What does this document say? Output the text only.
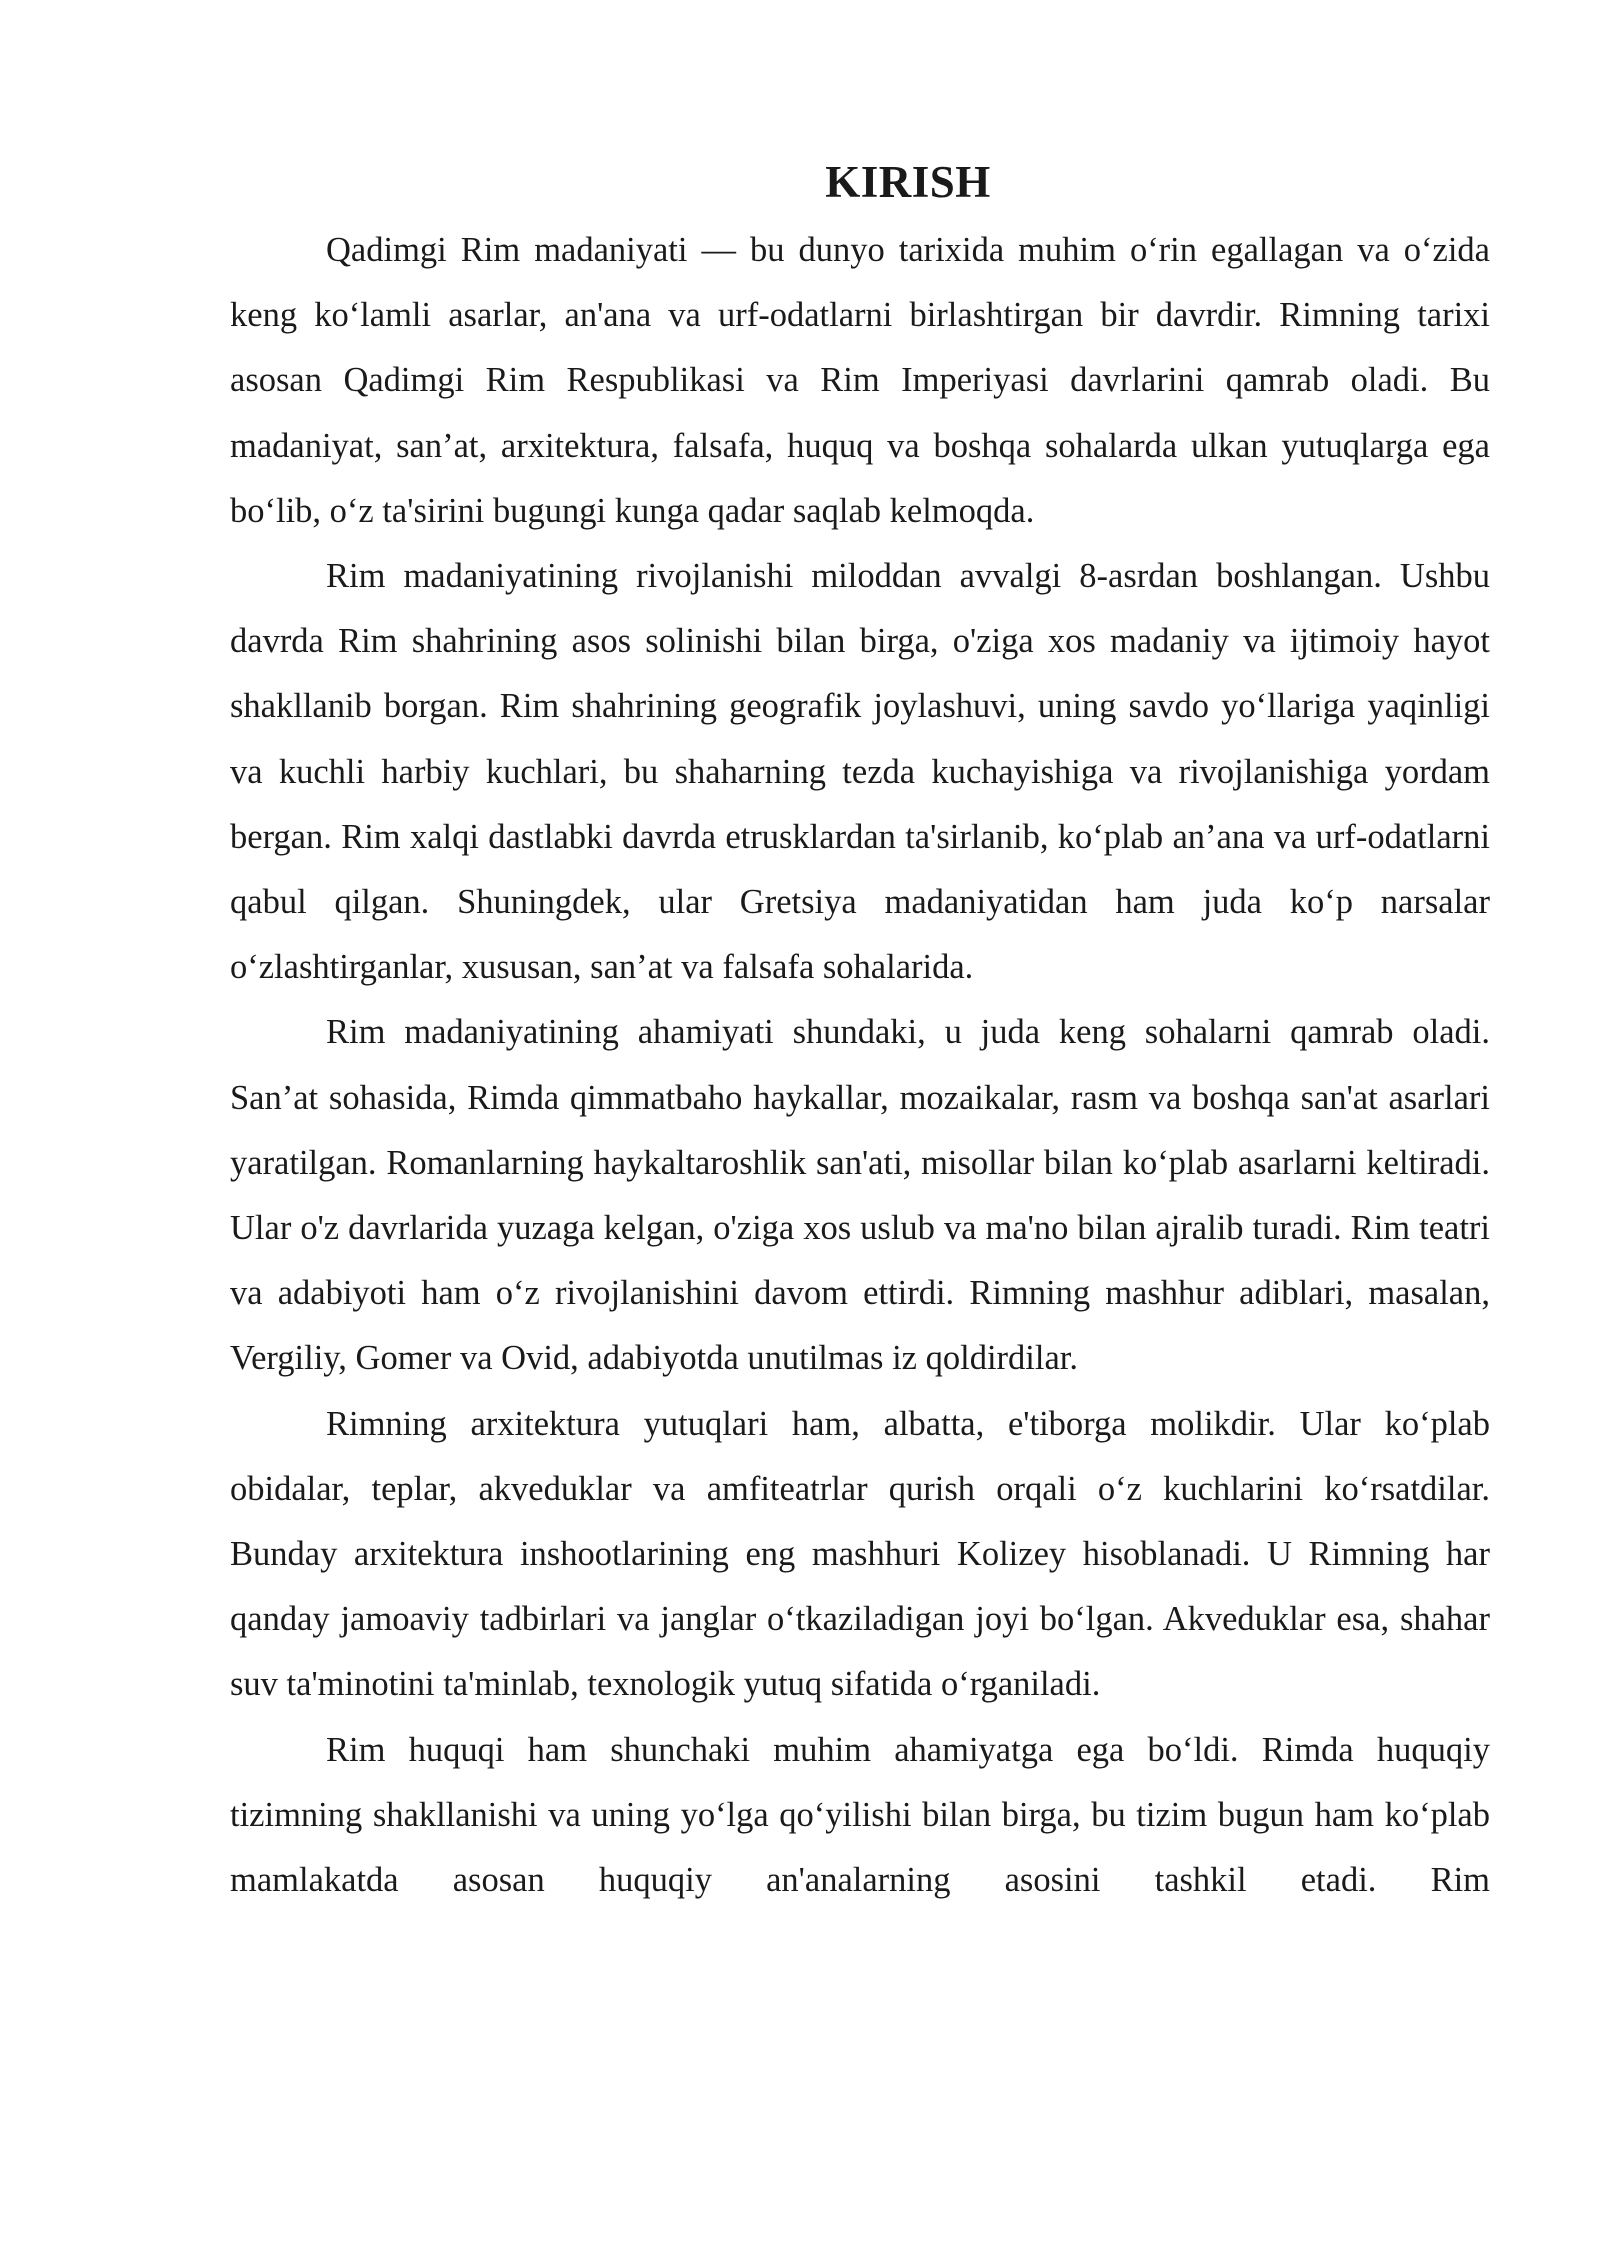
KIRISH

Qadimgi Rim madaniyati — bu dunyo tarixida muhim o‘rin egallagan va o‘zida keng ko‘lamli asarlar, an'ana va urf-odatlarni birlashtirgan bir davrdir. Rimning tarixi asosan Qadimgi Rim Respublikasi va Rim Imperiyasi davrlarini qamrab oladi. Bu madaniyat, san’at, arxitektura, falsafa, huquq va boshqa sohalarda ulkan yutuqlarga ega bo‘lib, o‘z ta'sirini bugungi kunga qadar saqlab kelmoqda.

Rim madaniyatining rivojlanishi miloddan avvalgi 8-asrdan boshlangan. Ushbu davrda Rim shahrining asos solinishi bilan birga, o'ziga xos madaniy va ijtimoiy hayot shakllanib borgan. Rim shahrining geografik joylashuvi, uning savdo yo‘llariga yaqinligi va kuchli harbiy kuchlari, bu shaharning tezda kuchayishiga va rivojlanishiga yordam bergan. Rim xalqi dastlabki davrda etrusklardan ta'sirlanib, ko‘plab an’ana va urf-odatlarni qabul qilgan. Shuningdek, ular Gretsiya madaniyatidan ham juda ko‘p narsalar o‘zlashtirganlar, xususan, san’at va falsafa sohalarida.

Rim madaniyatining ahamiyati shundaki, u juda keng sohalarni qamrab oladi. San’at sohasida, Rimda qimmatbaho haykallar, mozaikalar, rasm va boshqa san'at asarlari yaratilgan. Romanlarning haykaltaroshlik san'ati, misollar bilan ko‘plab asarlarni keltiradi. Ular o'z davrlarida yuzaga kelgan, o'ziga xos uslub va ma'no bilan ajralib turadi. Rim teatri va adabiyoti ham o‘z rivojlanishini davom ettirdi. Rimning mashhur adiblari, masalan, Vergiliy, Gomer va Ovid, adabiyotda unutilmas iz qoldirdilar.

Rimning arxitektura yutuqlari ham, albatta, e'tiborga molikdir. Ular ko‘plab obidalar, teplar, akveduklar va amfiteatrlar qurish orqali o‘z kuchlarini ko‘rsatdilar. Bunday arxitektura inshootlarining eng mashhuri Kolizey hisoblanadi. U Rimning har qanday jamoaviy tadbirlari va janglar o‘tkaziladigan joyi bo‘lgan. Akveduklar esa, shahar suv ta'minotini ta'minlab, texnologik yutuq sifatida o‘rganiladi.

Rim huquqi ham shunchaki muhim ahamiyatga ega bo‘ldi. Rimda huquqiy tizimning shakllanishi va uning yo‘lga qo‘yilishi bilan birga, bu tizim bugun ham ko‘plab mamlakatda asosan huquqiy an'analarning asosini tashkil etadi. Rim
